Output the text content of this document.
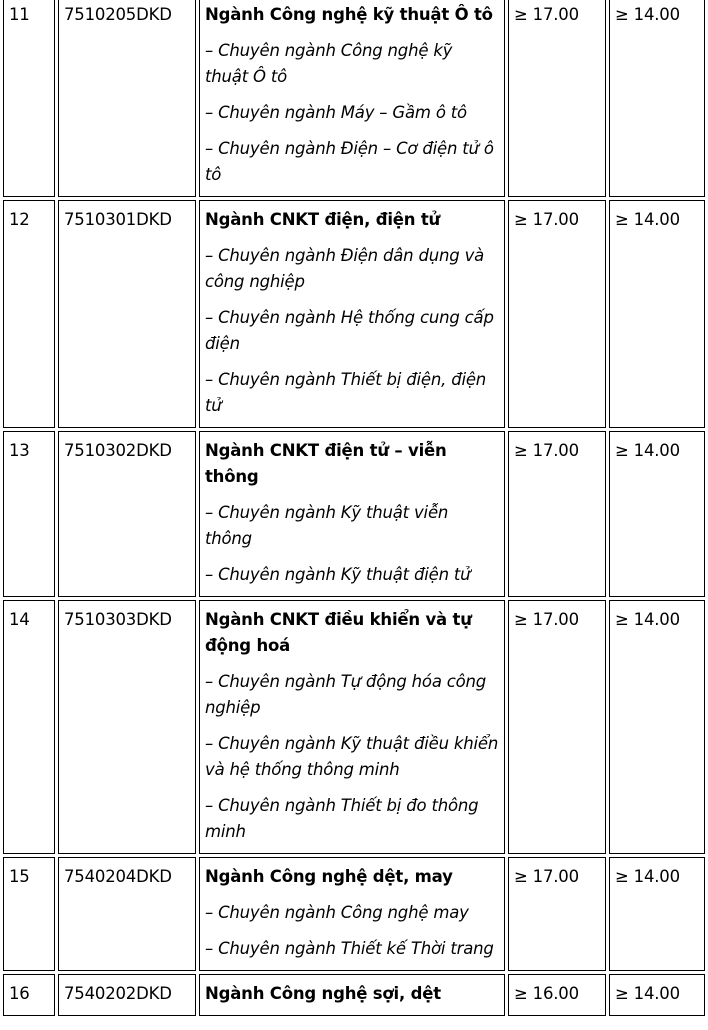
11	7510205DKD	Ngành Công nghệ kỹ thuật Ô tô
– Chuyên ngành Công nghệ kỹ thuật Ô tô
– Chuyên ngành Máy – Gầm ô tô
– Chuyên ngành Điện – Cơ điện tử ô tô	≥ 17.00	≥ 14.00
12	7510301DKD	Ngành CNKT điện, điện tử
– Chuyên ngành Điện dân dụng và công nghiệp
– Chuyên ngành Hệ thống cung cấp điện
– Chuyên ngành Thiết bị điện, điện tử	≥ 17.00	≥ 14.00
13	7510302DKD	Ngành CNKT điện tử – viễn thông
– Chuyên ngành Kỹ thuật viễn thông
– Chuyên ngành Kỹ thuật điện tử	≥ 17.00	≥ 14.00
14	7510303DKD	Ngành CNKT điều khiển và tự động hoá
– Chuyên ngành Tự động hóa công nghiệp
– Chuyên ngành Kỹ thuật điều khiển và hệ thống thông minh
– Chuyên ngành Thiết bị đo thông minh	≥ 17.00	≥ 14.00
15	7540204DKD	Ngành Công nghệ dệt, may
– Chuyên ngành Công nghệ may
– Chuyên ngành Thiết kế Thời trang	≥ 17.00	≥ 14.00
16	7540202DKD	Ngành Công nghệ sợi, dệt	≥ 16.00	≥ 14.00
